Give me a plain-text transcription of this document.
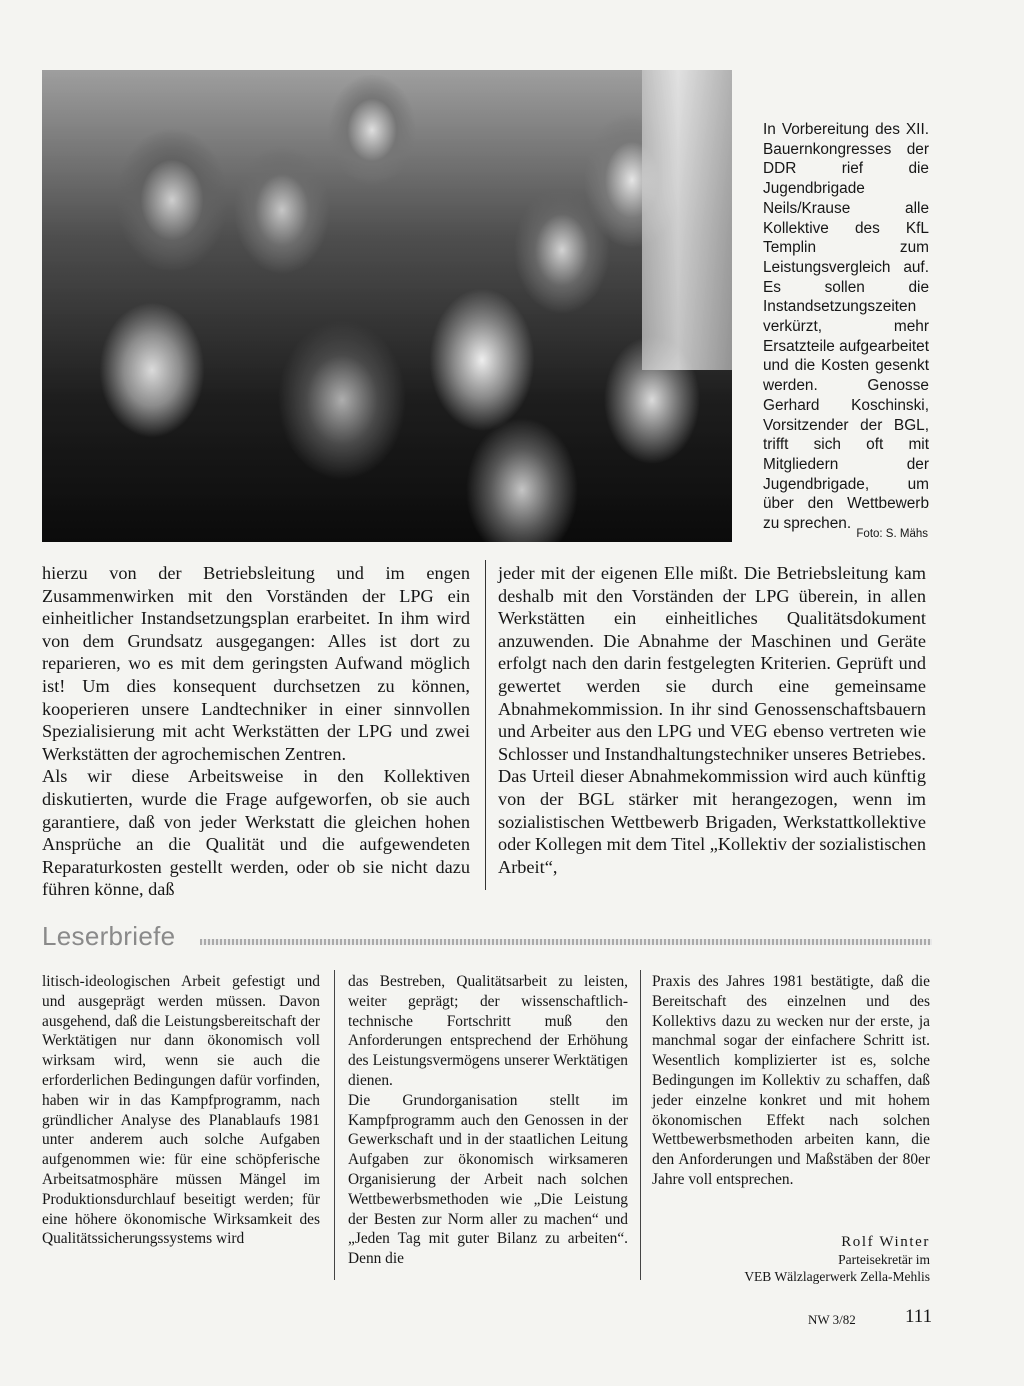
In Vorbereitung des XII. Bauernkongresses der DDR rief die Jugendbrigade Neils/Krause alle Kollektive des KfL Templin zum Leistungsvergleich auf. Es sollen die Instandsetzungszeiten verkürzt, mehr Ersatzteile aufgearbeitet und die Kosten gesenkt werden. Genosse Gerhard Koschinski, Vorsitzender der BGL, trifft sich oft mit Mitgliedern der Jugendbrigade, um über den Wettbewerb zu sprechen.
Foto: S. Mähs

hierzu von der Betriebsleitung und im engen Zusammenwirken mit den Vorständen der LPG ein einheitlicher Instandsetzungsplan erarbeitet. In ihm wird von dem Grundsatz ausgegangen: Alles ist dort zu reparieren, wo es mit dem geringsten Aufwand möglich ist! Um dies konsequent durchsetzen zu können, kooperieren unsere Landtechniker in einer sinnvollen Spezialisierung mit acht Werkstätten der LPG und zwei Werkstätten der agrochemischen Zentren.

Als wir diese Arbeitsweise in den Kollektiven diskutierten, wurde die Frage aufgeworfen, ob sie auch garantiere, daß von jeder Werkstatt die gleichen hohen Ansprüche an die Qualität und die aufgewendeten Reparaturkosten gestellt werden, oder ob sie nicht dazu führen könne, daß

jeder mit der eigenen Elle mißt. Die Betriebsleitung kam deshalb mit den Vorständen der LPG überein, in allen Werkstätten ein einheitliches Qualitätsdokument anzuwenden. Die Abnahme der Maschinen und Geräte erfolgt nach den darin festgelegten Kriterien. Geprüft und gewertet werden sie durch eine gemeinsame Abnahmekommission. In ihr sind Genossenschaftsbauern und Arbeiter aus den LPG und VEG ebenso vertreten wie Schlosser und Instandhaltungstechniker unseres Betriebes.

Das Urteil dieser Abnahmekommission wird auch künftig von der BGL stärker mit herangezogen, wenn im sozialistischen Wettbewerb Brigaden, Werkstattkollektive oder Kollegen mit dem Titel „Kollektiv der sozialistischen Arbeit“,

Leserbriefe

litisch-ideologischen Arbeit gefestigt und und ausgeprägt werden müssen. Davon ausgehend, daß die Leistungsbereitschaft der Werktätigen nur dann ökonomisch voll wirksam wird, wenn sie auch die erforderlichen Bedingungen dafür vorfinden, haben wir in das Kampfprogramm, nach gründlicher Analyse des Planablaufs 1981 unter anderem auch solche Aufgaben aufgenommen wie: für eine schöpferische Arbeitsatmosphäre müssen Mängel im Produktionsdurchlauf beseitigt werden; für eine höhere ökonomische Wirksamkeit des Qualitätssicherungssystems wird

das Bestreben, Qualitätsarbeit zu leisten, weiter geprägt; der wissenschaftlich-technische Fortschritt muß den Anforderungen entsprechend der Erhöhung des Leistungsvermögens unserer Werktätigen dienen.

Die Grundorganisation stellt im Kampfprogramm auch den Genossen in der Gewerkschaft und in der staatlichen Leitung Aufgaben zur ökonomisch wirksameren Organisierung der Arbeit nach solchen Wettbewerbsmethoden wie „Die Leistung der Besten zur Norm aller zu machen“ und „Jeden Tag mit guter Bilanz zu arbeiten“. Denn die

Praxis des Jahres 1981 bestätigte, daß die Bereitschaft des einzelnen und des Kollektivs dazu zu wecken nur der erste, ja manchmal sogar der einfachere Schritt ist. Wesentlich komplizierter ist es, solche Bedingungen im Kollektiv zu schaffen, daß jeder einzelne konkret und mit hohem ökonomischen Effekt nach solchen Wettbewerbsmethoden arbeiten kann, die den Anforderungen und Maßstäben der 80er Jahre voll entsprechen.

Rolf Winter
Parteisekretär im
VEB Wälzlagerwerk Zella-Mehlis
NW 3/82	111
